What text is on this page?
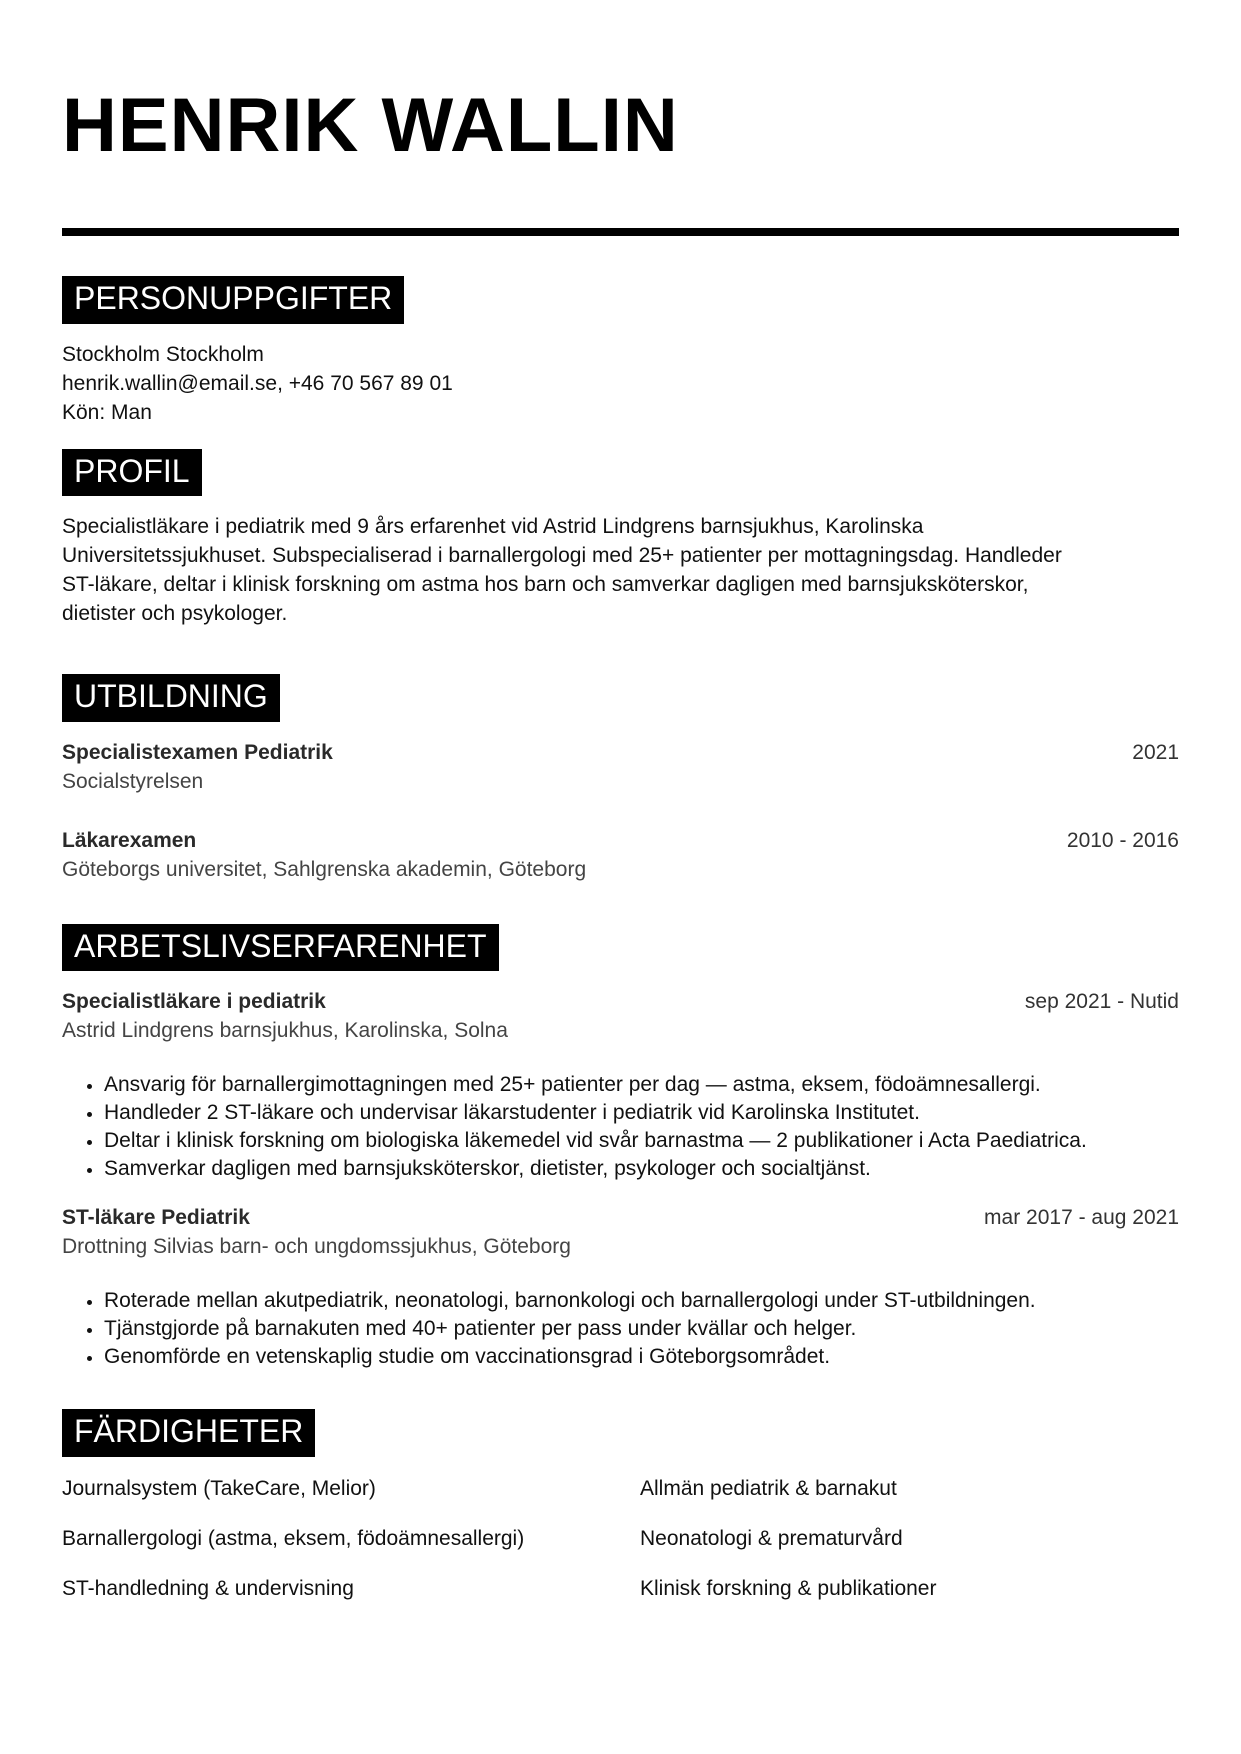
HENRIK WALLIN
PERSONUPPGIFTER
Stockholm Stockholm
henrik.wallin@email.se, +46 70 567 89 01
Kön: Man
PROFIL
Specialistläkare i pediatrik med 9 års erfarenhet vid Astrid Lindgrens barnsjukhus, Karolinska
Universitetssjukhuset. Subspecialiserad i barnallergologi med 25+ patienter per mottagningsdag. Handleder
ST-läkare, deltar i klinisk forskning om astma hos barn och samverkar dagligen med barnsjuksköterskor,
dietister och psykologer.
UTBILDNING
Specialistexamen Pediatrik	2021
Socialstyrelsen
Läkarexamen	2010 - 2016
Göteborgs universitet, Sahlgrenska akademin, Göteborg
ARBETSLIVSERFARENHET
Specialistläkare i pediatrik	sep 2021 - Nutid
Astrid Lindgrens barnsjukhus, Karolinska, Solna
• Ansvarig för barnallergimottagningen med 25+ patienter per dag — astma, eksem, födoämnesallergi.
• Handleder 2 ST-läkare och undervisar läkarstudenter i pediatrik vid Karolinska Institutet.
• Deltar i klinisk forskning om biologiska läkemedel vid svår barnastma — 2 publikationer i Acta Paediatrica.
• Samverkar dagligen med barnsjuksköterskor, dietister, psykologer och socialtjänst.
ST-läkare Pediatrik	mar 2017 - aug 2021
Drottning Silvias barn- och ungdomssjukhus, Göteborg
• Roterade mellan akutpediatrik, neonatologi, barnonkologi och barnallergologi under ST-utbildningen.
• Tjänstgjorde på barnakuten med 40+ patienter per pass under kvällar och helger.
• Genomförde en vetenskaplig studie om vaccinationsgrad i Göteborgsområdet.
FÄRDIGHETER
Journalsystem (TakeCare, Melior)	Allmän pediatrik & barnakut
Barnallergologi (astma, eksem, födoämnesallergi)	Neonatologi & prematurvård
ST-handledning & undervisning	Klinisk forskning & publikationer
